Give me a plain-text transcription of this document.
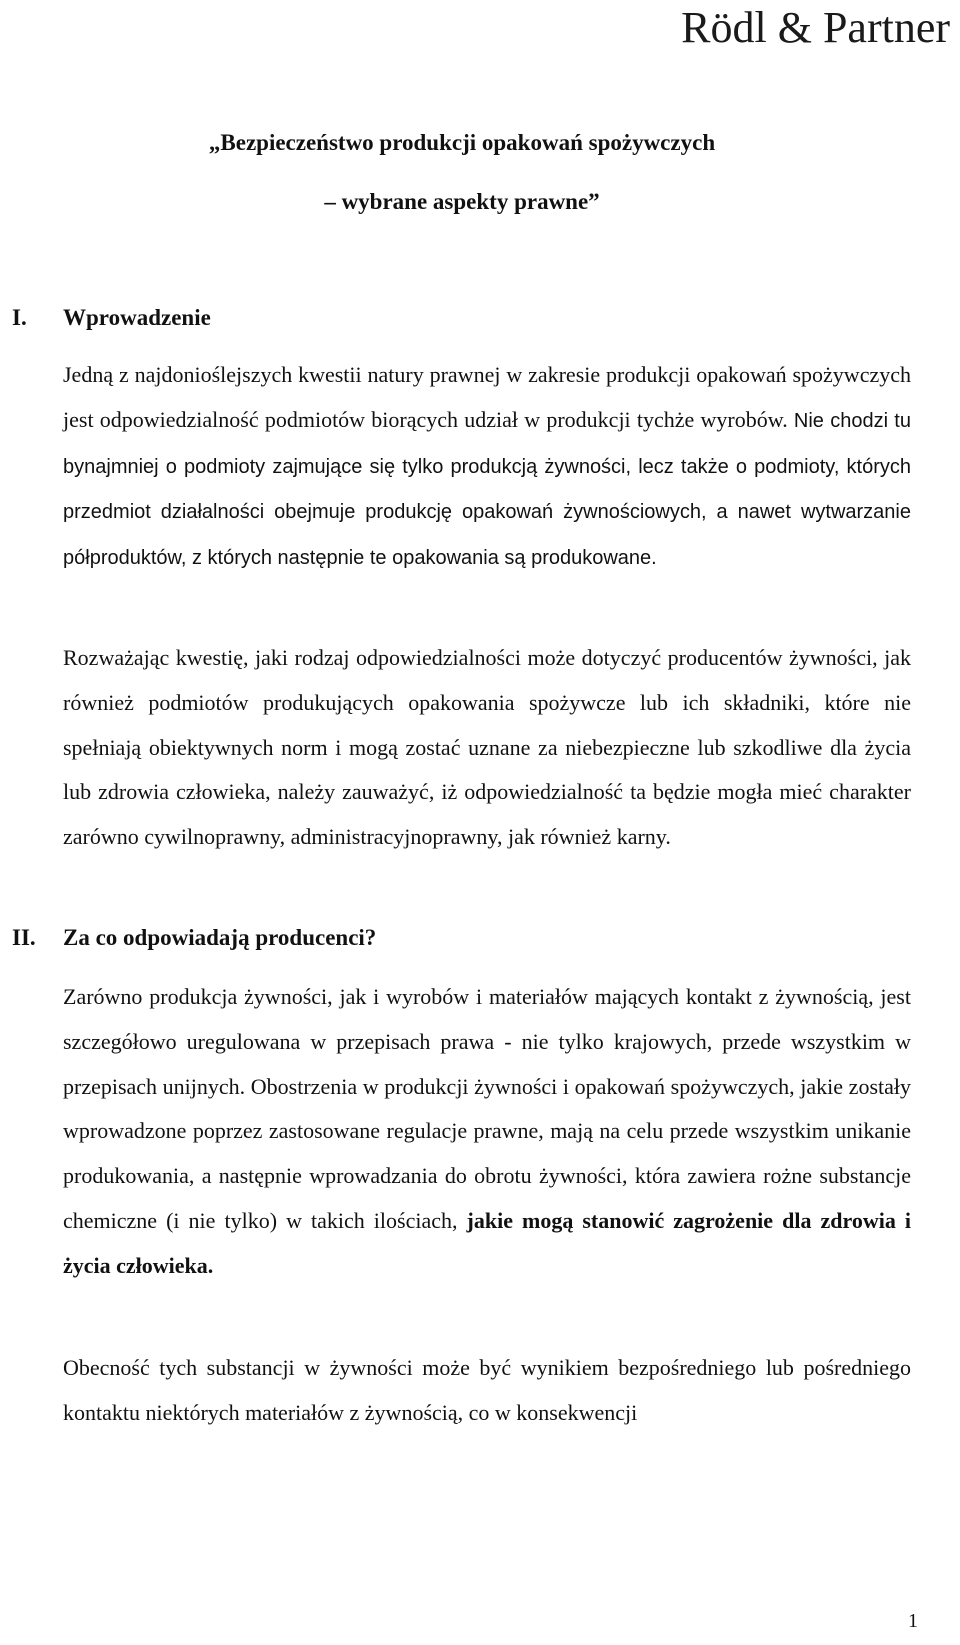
Rödl & Partner
„Bezpieczeństwo produkcji opakowań spożywczych
– wybrane aspekty prawne”
I. Wprowadzenie

Jedną z najdonioślejszych kwestii natury prawnej w zakresie produkcji opakowań spożywczych jest odpowiedzialność podmiotów biorących udział w produkcji tychże wyrobów. Nie chodzi tu bynajmniej o podmioty zajmujące się tylko produkcją żywności, lecz także o podmioty, których przedmiot działalności obejmuje produkcję opakowań żywnościowych, a nawet wytwarzanie półproduktów, z których następnie te opakowania są produkowane.

Rozważając kwestię, jaki rodzaj odpowiedzialności może dotyczyć producentów żywności, jak również podmiotów produkujących opakowania spożywcze lub ich składniki, które nie spełniają obiektywnych norm i mogą zostać uznane za niebezpieczne lub szkodliwe dla życia lub zdrowia człowieka, należy zauważyć, iż odpowiedzialność ta będzie mogła mieć charakter zarówno cywilnoprawny, administracyjnoprawny, jak również karny.

II. Za co odpowiadają producenci?

Zarówno produkcja żywności, jak i wyrobów i materiałów mających kontakt z żywnością, jest szczegółowo uregulowana w przepisach prawa - nie tylko krajowych, przede wszystkim w przepisach unijnych. Obostrzenia w produkcji żywności i opakowań spożywczych, jakie zostały wprowadzone poprzez zastosowane regulacje prawne, mają na celu przede wszystkim unikanie produkowania, a następnie wprowadzania do obrotu żywności, która zawiera rożne substancje chemiczne (i nie tylko) w takich ilościach, jakie mogą stanowić zagrożenie dla zdrowia i życia człowieka.

Obecność tych substancji w żywności może być wynikiem bezpośredniego lub pośredniego kontaktu niektórych materiałów z żywnością, co w konsekwencji

1
